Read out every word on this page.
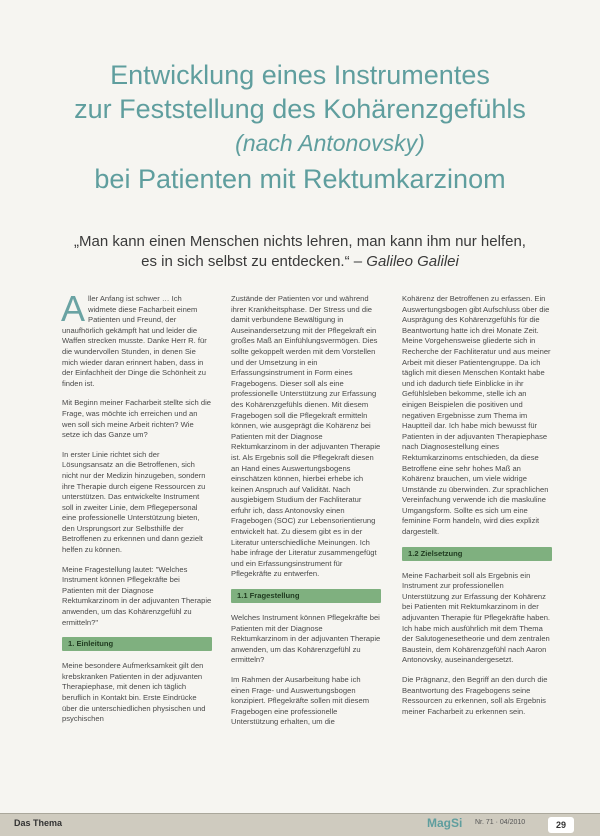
Entwicklung eines Instrumentes
zur Feststellung des Kohärenzgefühls
(nach Antonovsky)
bei Patienten mit Rektumkarzinom
„Man kann einen Menschen nichts lehren, man kann ihm nur helfen,
es in sich selbst zu entdecken.“ – Galileo Galilei

Aller Anfang ist schwer … Ich widmete diese Facharbeit einem Patienten und Freund, der unaufhörlich gekämpft hat und leider die Waffen strecken musste. Danke Herr R. für die wundervollen Stunden, in denen Sie mich wieder daran erinnert haben, dass in der Einfachheit der Dinge die Schönheit zu finden ist.

Mit Beginn meiner Facharbeit stellte sich die Frage, was möchte ich erreichen und an wen soll sich meine Arbeit richten? Wie setze ich das Ganze um?

In erster Linie richtet sich der Lösungsansatz an die Betroffenen, sich nicht nur der Medizin hinzugeben, sondern ihre Therapie durch eigene Ressourcen zu unterstützen. Das entwickelte Instrument soll in zweiter Linie, dem Pflegepersonal eine professionelle Unterstützung bieten, den Ursprungsort zur Selbsthilfe der Betroffenen zu erkennen und dann gezielt helfen zu können.

Meine Fragestellung lautet: "Welches Instrument können Pflegekräfte bei Patienten mit der Diagnose Rektumkarzinom in der adjuvanten Therapie anwenden, um das Kohärenzgefühl zu ermitteln?"

1. Einleitung

Meine besondere Aufmerksamkeit gilt den krebskranken Patienten in der adjuvanten Therapiephase, mit denen ich täglich beruflich in Kontakt bin. Erste Eindrücke über die unterschiedlichen physischen und psychischen

Zustände der Patienten vor und während ihrer Krankheitsphase. Der Stress und die damit verbundene Bewältigung in Auseinandersetzung mit der Pflegekraft ein großes Maß an Einfühlungsvermögen. Dies sollte gekoppelt werden mit dem Vorstellen und der Umsetzung in ein Erfassungsinstrument in Form eines Fragebogens. Dieser soll als eine professionelle Unterstützung zur Erfassung des Kohärenzgefühls dienen. Mit diesem Fragebogen soll die Pflegekraft ermitteln können, wie ausgeprägt die Kohärenz bei Patienten mit der Diagnose Rektumkarzinom in der adjuvanten Therapie ist. Als Ergebnis soll die Pflegekraft diesen an Hand eines Auswertungsbogens einschätzen können, hierbei erhebe ich keinen Anspruch auf Validität. Nach ausgiebigem Studium der Fachliteratur erfuhr ich, dass Antonovsky einen Fragebogen (SOC) zur Lebensorientierung entwickelt hat. Zu diesem gibt es in der Literatur unterschiedliche Meinungen. Ich habe infrage der Literatur zusammengefügt und ein Erfassungsinstrument für Pflegekräfte zu entwerfen.

1.1 Fragestellung

Welches Instrument können Pflegekräfte bei Patienten mit der Diagnose Rektumkarzinom in der adjuvanten Therapie anwenden, um das Kohärenzgefühl zu ermitteln?

Im Rahmen der Ausarbeitung habe ich einen Frage- und Auswertungsbogen konzipiert. Pflegekräfte sollen mit diesem Fragebogen eine professionelle Unterstützung erhalten, um die

Kohärenz der Betroffenen zu erfassen. Ein Auswertungsbogen gibt Aufschluss über die Ausprägung des Kohärenzgefühls für die Beantwortung hatte ich drei Monate Zeit. Meine Vorgehensweise gliederte sich in Recherche der Fachliteratur und aus meiner Arbeit mit dieser Patientengruppe. Da ich täglich mit diesen Menschen Kontakt habe und ich dadurch tiefe Einblicke in ihr Gefühlsleben bekomme, stelle ich an einigen Beispielen die positiven und negativen Ergebnisse zum Thema im Hauptteil dar. Ich habe mich bewusst für Patienten in der adjuvanten Therapiephase nach Diagnosestellung eines Rektumkarzinoms entschieden, da diese Betroffene eine sehr hohes Maß an Kohärenz brauchen, um viele widrige Umstände zu überwinden. Zur sprachlichen Vereinfachung verwende ich die maskuline Umgangsform. Sollte es sich um eine feminine Form handeln, wird dies explizit dargestellt.

1.2 Zielsetzung

Meine Facharbeit soll als Ergebnis ein Instrument zur professionellen Unterstützung zur Erfassung der Kohärenz bei Patienten mit Rektumkarzinom in der adjuvanten Therapie für Pflegekräfte haben. Ich habe mich ausführlich mit dem Thema der Salutogenesetheorie und dem zentralen Baustein, dem Kohärenzgefühl nach Aaron Antonovsky, auseinandergesetzt.

Die Prägnanz, den Begriff an den durch die Beantwortung des Fragebogens seine Ressourcen zu erkennen, soll als Ergebnis meiner Facharbeit zu erkennen sein.

Das Thema	MagSi Nr. 71 · 04/2010	29
